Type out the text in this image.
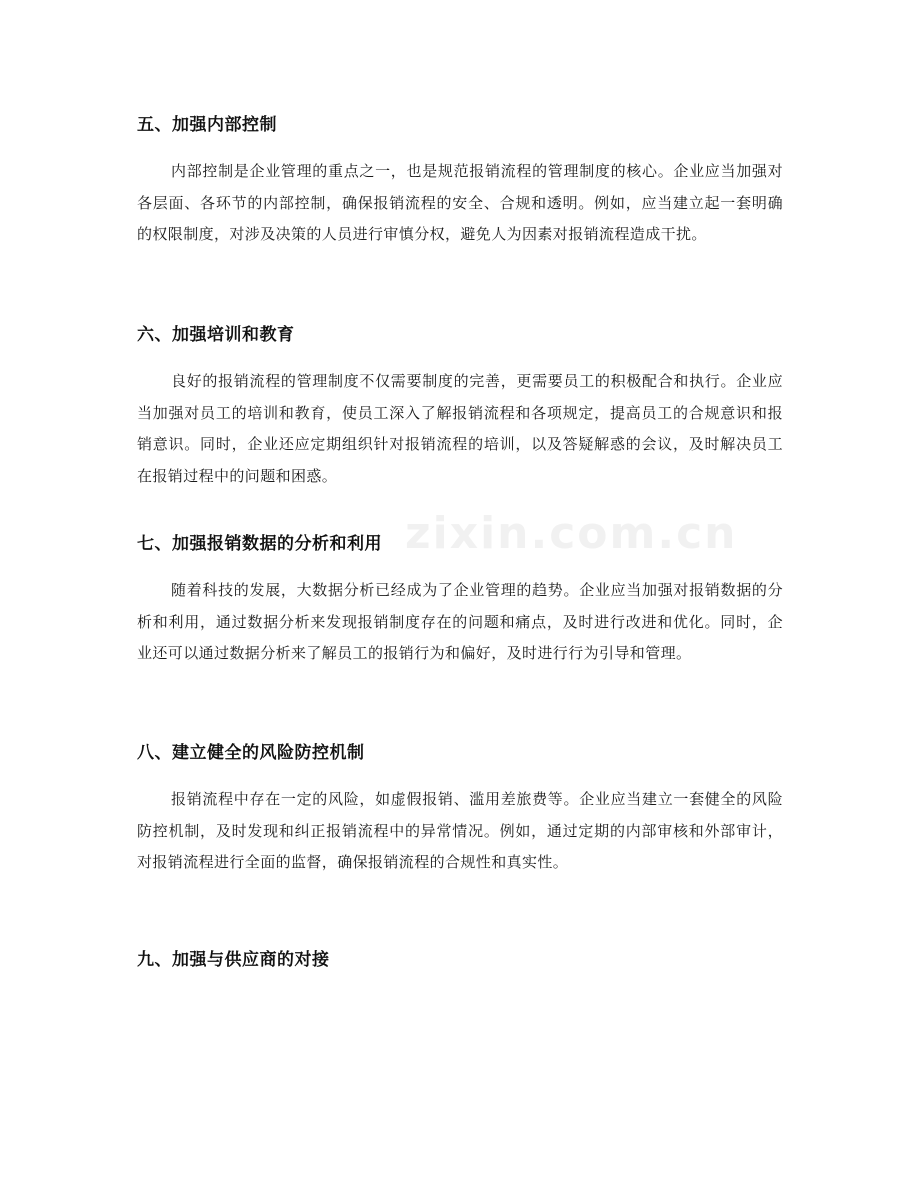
zixin.com.cn
五、加强内部控制

内部控制是企业管理的重点之一，也是规范报销流程的管理制度的核心。企业应当加强对各层面、各环节的内部控制，确保报销流程的安全、合规和透明。例如，应当建立起一套明确的权限制度，对涉及决策的人员进行审慎分权，避免人为因素对报销流程造成干扰。

六、加强培训和教育

良好的报销流程的管理制度不仅需要制度的完善，更需要员工的积极配合和执行。企业应当加强对员工的培训和教育，使员工深入了解报销流程和各项规定，提高员工的合规意识和报销意识。同时，企业还应定期组织针对报销流程的培训，以及答疑解惑的会议，及时解决员工在报销过程中的问题和困惑。

七、加强报销数据的分析和利用

随着科技的发展，大数据分析已经成为了企业管理的趋势。企业应当加强对报销数据的分析和利用，通过数据分析来发现报销制度存在的问题和痛点，及时进行改进和优化。同时，企业还可以通过数据分析来了解员工的报销行为和偏好，及时进行行为引导和管理。

八、建立健全的风险防控机制

报销流程中存在一定的风险，如虚假报销、滥用差旅费等。企业应当建立一套健全的风险防控机制，及时发现和纠正报销流程中的异常情况。例如，通过定期的内部审核和外部审计，对报销流程进行全面的监督，确保报销流程的合规性和真实性。

九、加强与供应商的对接
